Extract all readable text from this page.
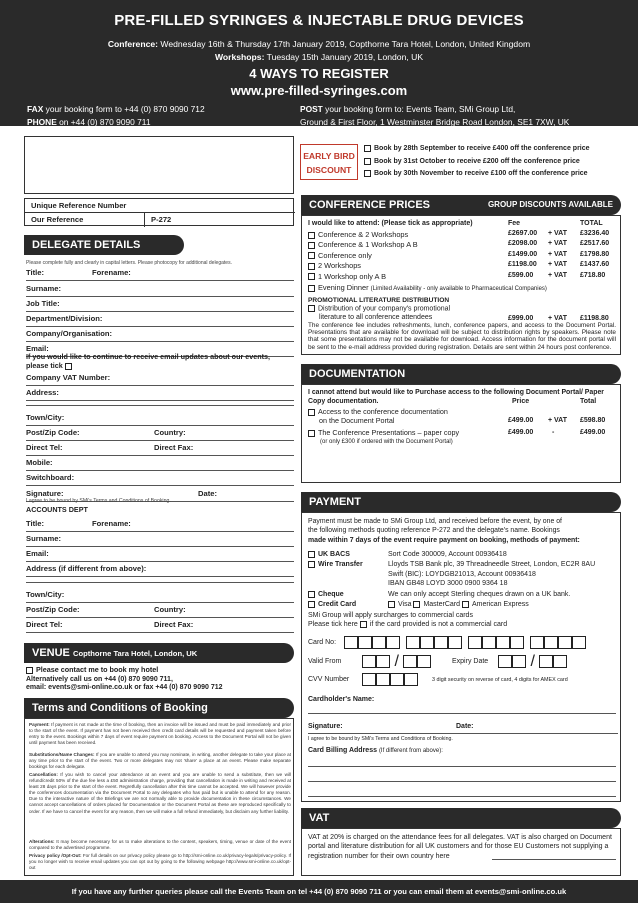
PRE-FILLED SYRINGES & INJECTABLE DRUG DEVICES
Conference: Wednesday 16th & Thursday 17th January 2019, Copthorne Tara Hotel, London, United Kingdom
Workshops: Tuesday 15th January 2019, London, UK
4 WAYS TO REGISTER
www.pre-filled-syringes.com
FAX your booking form to +44 (0) 870 9090 712
PHONE on +44 (0) 870 9090 711
POST your booking form to: Events Team, SMi Group Ltd,
Ground & First Floor, 1 Westminster Bridge Road London, SE1 7XW, UK
Unique Reference Number
Our Reference	P-272
DELEGATE DETAILS
Please complete fully and clearly in capital letters. Please photocopy for additional delegates.
Title:	Forename:
Surname:
Job Title:
Department/Division:
Company/Organisation:
Email:
If you would like to continue to receive email updates about our events, please tick
Company VAT Number:
Address:
Town/City:
Post/Zip Code:	Country:
Direct Tel:	Direct Fax:
Mobile:
Switchboard:
Signature:	Date:
I agree to be bound by SMi's Terms and Conditions of Booking.
ACCOUNTS DEPT
Title:	Forename:
Surname:
Email:
Address (if different from above):
Town/City:
Post/Zip Code:	Country:
Direct Tel:	Direct Fax:
VENUE Copthorne Tara Hotel, London, UK
Please contact me to book my hotel
Alternatively call us on +44 (0) 870 9090 711,
email: events@smi-online.co.uk or fax +44 (0) 870 9090 712
Terms and Conditions of Booking
Payment: If payment is not made at the time of booking, then an invoice will be issued and must be paid immediately and prior to the start of the event. If payment has not been received then credit card details will be requested and payment taken before entry to the event. Bookings within 7 days of event require payment on booking. Access to the Document Portal will not be given until payment has been received.
Substitutions/Name Changes: If you are unable to attend you may nominate, in writing, another delegate to take your place at any time prior to the start of the event. Two or more delegates may not 'share' a place at an event. Please make separate bookings for each delegate.
Cancellation: If you wish to cancel your attendance at an event and you are unable to send a substitute, then we will refund/credit 50% of the due fee less a £50 administration charge, providing that cancellation is made in writing and received at least 28 days prior to the start of the event. Regretfully cancellation after this time cannot be accepted. We will however provide the conferences documentation via the Document Portal to any delegates who has paid but is unable to attend for any reason. Due to the interactive nature of the Briefings we are not normally able to provide documentation in these circumstances. We cannot accept cancellations of orders placed for Documentation or the Document Portal as these are reproduced specifically to order. If we have to cancel the event for any reason, then we will make a full refund immediately, but disclaim any further liability.
Alterations: It may become necessary for us to make alterations to the content, speakers, timing, venue or date of the event compared to the advertised programme.
Privacy policy /Opt-Out: For full details on our privacy policy please go to http://smi-online.co.uk/privacy-legals/privacy-policy. If you no longer wish to receive email updates you can opt out by going to the following webpage http://www.smi-online.co.uk/opt-out
EARLY BIRD
DISCOUNT
Book by 28th September to receive £400 off the conference price
Book by 31st October to receive £200 off the conference price
Book by 30th November to receive £100 off the conference price
CONFERENCE PRICES	GROUP DISCOUNTS AVAILABLE
I would like to attend: (Please tick as appropriate)	Fee	TOTAL
Conference & 2 Workshops	£2697.00 + VAT £3236.40
Conference & 1 Workshop A B	£2098.00 + VAT £2517.60
Conference only	£1499.00 + VAT £1798.80
2 Workshops	£1198.00 + VAT £1437.60
1 Workshop only A B	£599.00 + VAT £718.80
Evening Dinner (Limited Availability - only available to Pharmaceutical Companies)
PROMOTIONAL LITERATURE DISTRIBUTION
Distribution of your company's promotional
literature to all conference attendees	£999.00 + VAT £1198.80
The conference fee includes refreshments, lunch, conference papers, and access to the Document Portal. Presentations that are available for download will be subject to distribution rights by speakers. Please note that some presentations may not be available for download. Access information for the document portal will be sent to the e-mail address provided during registration. Details are sent within 24 hours post conference.
DOCUMENTATION
I cannot attend but would like to Purchase access to the following Document Portal/ Paper Copy documentation.	Price	Total
Access to the conference documentation
on the Document Portal	£499.00 + VAT £598.80
The Conference Presentations – paper copy	£499.00	-	£499.00
(or only £300 if ordered with the Document Portal)
PAYMENT
Payment must be made to SMi Group Ltd, and received before the event, by one of
the following methods quoting reference P-272 and the delegate's name. Bookings
made within 7 days of the event require payment on booking, methods of payment:
UK BACS	Sort Code 300009, Account 00936418
Wire Transfer	Lloyds TSB Bank plc, 39 Threadneedle Street, London, EC2R 8AU
Swift (BIC): LOYDGB21013, Account 00936418
IBAN GB48 LOYD 3000 0900 9364 18
Cheque	We can only accept Sterling cheques drawn on a UK bank.
Credit Card	Visa MasterCard American Express
SMi Group will apply surcharges to commercial cards
Please tick here if the card provided is not a commercial card
Card No:
Valid From	/	Expiry Date	/
CVV Number	3 digit security on reverse of card, 4 digits for AMEX card
Cardholder's Name:
Signature:	Date:
I agree to be bound by SMi's Terms and Conditions of Booking.
Card Billing Address (If different from above):
VAT
VAT at 20% is charged on the attendance fees for all delegates. VAT is also charged on Document portal and literature distribution for all UK customers and for those EU Customers not supplying a registration number for their own country here
If you have any further queries please call the Events Team on tel +44 (0) 870 9090 711 or you can email them at events@smi-online.co.uk
